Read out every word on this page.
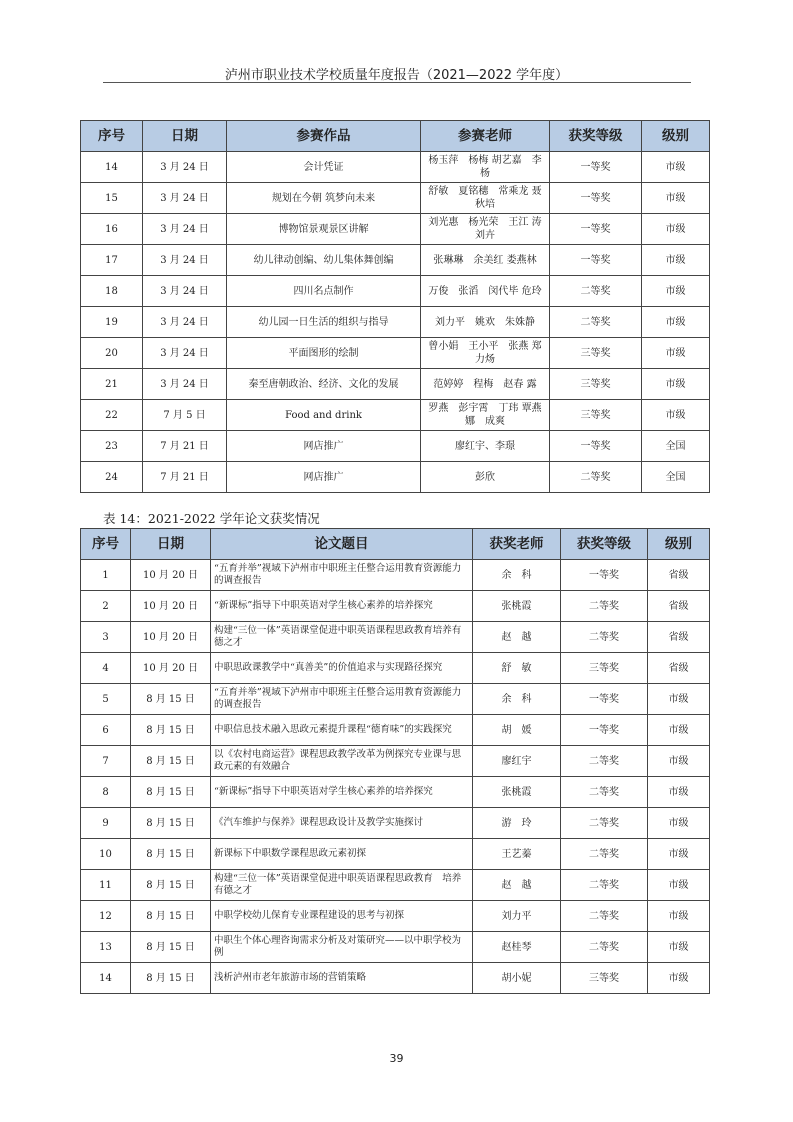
泸州市职业技术学校质量年度报告（2021—2022 学年度）
序号	日期	参赛作品	参赛老师	获奖等级	级别
14	3 月 24 日	会计凭证	杨玉萍　杨梅 胡艺嘉　李杨	一等奖	市级
15	3 月 24 日	规划在今朝 筑梦向未来	舒敏　夏铭穗　常乘龙 聂秋培	一等奖	市级
16	3 月 24 日	博物馆景观景区讲解	刘光惠　杨光荣　王江 涛 刘卉	一等奖	市级
17	3 月 24 日	幼儿律动创编、幼儿集体舞创编	张琳琳　余美红 娄燕林	一等奖	市级
18	3 月 24 日	四川名点制作	万俊　张滔　闵代毕 危玲	二等奖	市级
19	3 月 24 日	幼儿园一日生活的组织与指导	刘力平　姚欢　朱姝静	二等奖	市级
20	3 月 24 日	平面图形的绘制	曾小娟　王小平　张燕 郑力炀	三等奖	市级
21	3 月 24 日	秦至唐朝政治、经济、文化的发展	范婷婷　程梅　赵春 露	三等奖	市级
22	7 月 5 日	Food and drink	罗燕　彭宇霄　丁玮 覃燕娜　成爽	三等奖	市级
23	7 月 21 日	网店推广	廖红宇、李璟	一等奖	全国
24	7 月 21 日	网店推广	彭欣	二等奖	全国
表 14：2021-2022 学年论文获奖情况
序号	日期	论文题目	获奖老师	获奖等级	级别
1	10 月 20 日	“五育并举”视域下泸州市中职班主任整合运用教育资源能力的调查报告	余　科	一等奖	省级
2	10 月 20 日	“新课标”指导下中职英语对学生核心素养的培养探究	张桃霞	二等奖	省级
3	10 月 20 日	构建“三位一体”英语课堂促进中职英语课程思政教育培养有德之才	赵　越	二等奖	省级
4	10 月 20 日	中职思政课教学中“真善美”的价值追求与实现路径探究	舒　敏	三等奖	省级
5	8 月 15 日	“五育并举”视域下泸州市中职班主任整合运用教育资源能力的调查报告	余　科	一等奖	市级
6	8 月 15 日	中职信息技术融入思政元素提升课程“德育味”的实践探究	胡　媛	一等奖	市级
7	8 月 15 日	以《农村电商运营》课程思政教学改革为例探究专业课与思政元素的有效融合	廖红宇	二等奖	市级
8	8 月 15 日	“新课标”指导下中职英语对学生核心素养的培养探究	张桃霞	二等奖	市级
9	8 月 15 日	《汽车维护与保养》课程思政设计及教学实施探讨	游　玲	二等奖	市级
10	8 月 15 日	新课标下中职数学课程思政元素初探	王艺蓁	二等奖	市级
11	8 月 15 日	构建“三位一体”英语课堂促进中职英语课程思政教育　培养有德之才	赵　越	二等奖	市级
12	8 月 15 日	中职学校幼儿保育专业课程建设的思考与初探	刘力平	二等奖	市级
13	8 月 15 日	中职生个体心理咨询需求分析及对策研究——以中职学校为例	赵桂琴	二等奖	市级
14	8 月 15 日	浅析泸州市老年旅游市场的营销策略	胡小妮	三等奖	市级
39
